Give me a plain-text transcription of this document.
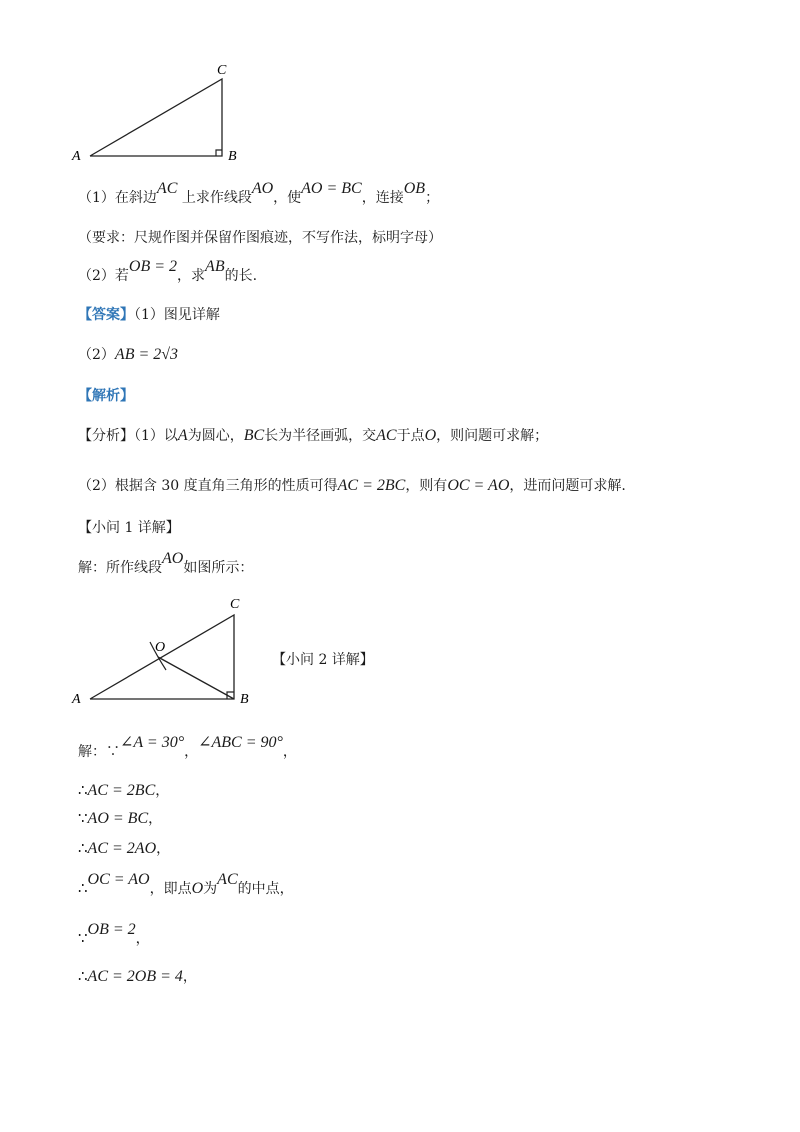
A	B
C
（1）在斜边AC 上求作线段AO，使AO = BC，连接OB；
（要求：尺规作图并保留作图痕迹，不写作法，标明字母）
（2）若OB = 2，求AB的长.
【答案】（1）图见详解
（2）AB = 2√3
【解析】
【分析】（1）以A为圆心，BC长为半径画弧，交AC于点O，则问题可求解；
（2）根据含 30 度直角三角形的性质可得AC = 2BC，则有OC = AO，进而问题可求解.
【小问 1 详解】
解：所作线段AO如图所示：
A	B
C
O
【小问 2 详解】
解：∵∠A = 30°，∠ABC = 90°，
∴AC = 2BC，
∵AO = BC，
∴AC = 2AO，
∴OC = AO，即点O为AC的中点，
∵OB = 2，
∴AC = 2OB = 4，
